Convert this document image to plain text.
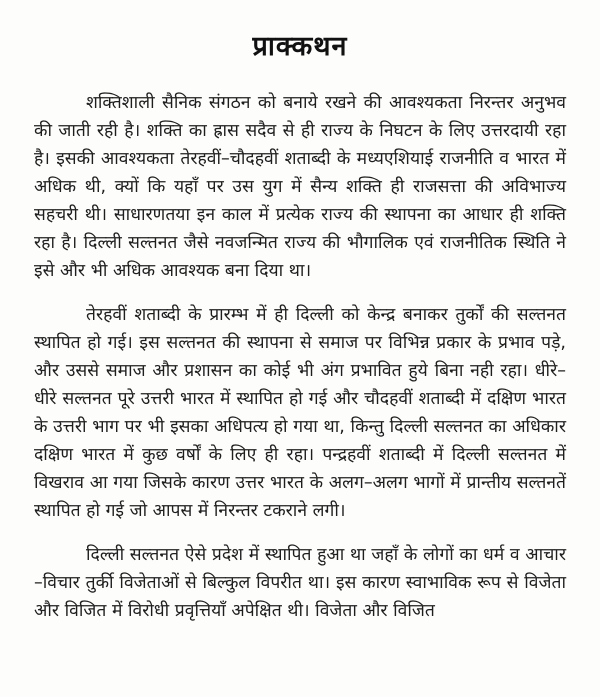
प्राक्कथन

शक्तिशाली सैनिक संगठन को बनाये रखने की आवश्यकता निरन्तर अनुभव की जाती रही है। शक्ति का ह्रास सदैव से ही राज्य के निघटन के लिए उत्तरदायी रहा है। इसकी आवश्यकता तेरहवीं–चौदहवीं शताब्दी के मध्यएशियाई राजनीति व भारत में अधिक थी, क्यों कि यहाँ पर उस युग में सैन्य शक्ति ही राजसत्ता की अविभाज्य सहचरी थी। साधारणतया इन काल में प्रत्येक राज्य की स्थापना का आधार ही शक्ति रहा है। दिल्ली सल्तनत जैसे नवजन्मित राज्य की भौगालिक एवं राजनीतिक स्थिति ने इसे और भी अधिक आवश्यक बना दिया था।

तेरहवीं शताब्दी के प्रारम्भ में ही दिल्ली को केन्द्र बनाकर तुर्कों की सल्तनत स्थापित हो गई। इस सल्तनत की स्थापना से समाज पर विभिन्न प्रकार के प्रभाव पड़े, और उससे समाज और प्रशासन का कोई भी अंग प्रभावित हुये बिना नही रहा। धीरे–धीरे सल्तनत पूरे उत्तरी भारत में स्थापित हो गई और चौदहवीं शताब्दी में दक्षिण भारत के उत्तरी भाग पर भी इसका अधिपत्य हो गया था, किन्तु दिल्ली सल्तनत का अधिकार दक्षिण भारत में कुछ वर्षों के लिए ही रहा। पन्द्रहवीं शताब्दी में दिल्ली सल्तनत में विखराव आ गया जिसके कारण उत्तर भारत के अलग–अलग भागों में प्रान्तीय सल्तनतें स्थापित हो गई जो आपस में निरन्तर टकराने लगी।

दिल्ली सल्तनत ऐसे प्रदेश में स्थापित हुआ था जहाँ के लोगों का धर्म व आचार –विचार तुर्की विजेताओं से बिल्कुल विपरीत था। इस कारण स्वाभाविक रूप से विजेता और विजित में विरोधी प्रवृत्तियाँ अपेक्षित थी। विजेता और विजित
